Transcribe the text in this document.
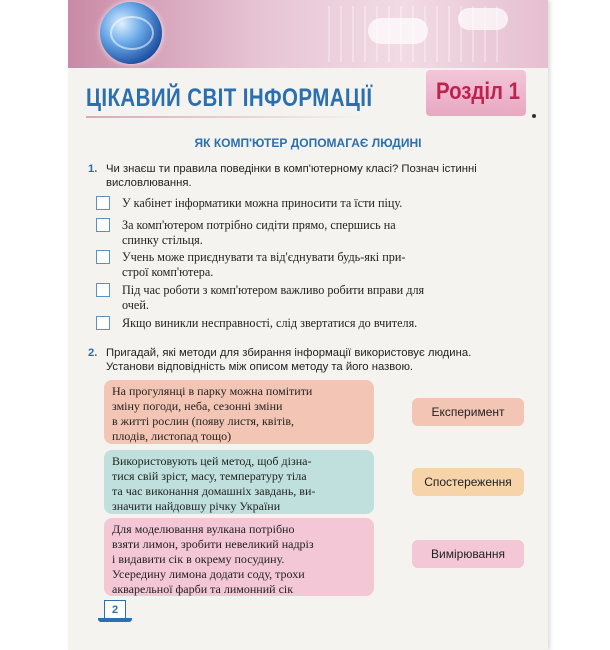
ЦІКАВИЙ СВІТ ІНФОРМАЦІЇ	Розділ 1
ЯК КОМП'ЮТЕР ДОПОМАГАЄ ЛЮДИНІ
1. Чи знаєш ти правила поведінки в комп'ютерному класі? Познач істинні
висловлювання.
У кабінет інформатики можна приносити та їсти піцу.
За комп'ютером потрібно сидіти прямо, спершись на
спинку стільця.
Учень може приєднувати та від'єднувати будь-які при-
строї комп'ютера.
Під час роботи з комп'ютером важливо робити вправи для
очей.
Якщо виникли несправності, слід звертатися до вчителя.
2. Пригадай, які методи для збирання інформації використовує людина.
Установи відповідність між описом методу та його назвою.
На прогулянці в парку можна помітити
зміну погоди, неба, сезонні зміни
в житті рослин (появу листя, квітів,
плодів, листопад тощо)
Використовують цей метод, щоб дізна-
тися свій зріст, масу, температуру тіла
та час виконання домашніх завдань, ви-
значити найдовшу річку України
Для моделювання вулкана потрібно
взяти лимон, зробити невеликий надріз
і видавити сік в окрему посудину.
Усередину лимона додати соду, трохи
акварельної фарби та лимонний сік
Експеримент
Спостереження
Вимірювання
2
